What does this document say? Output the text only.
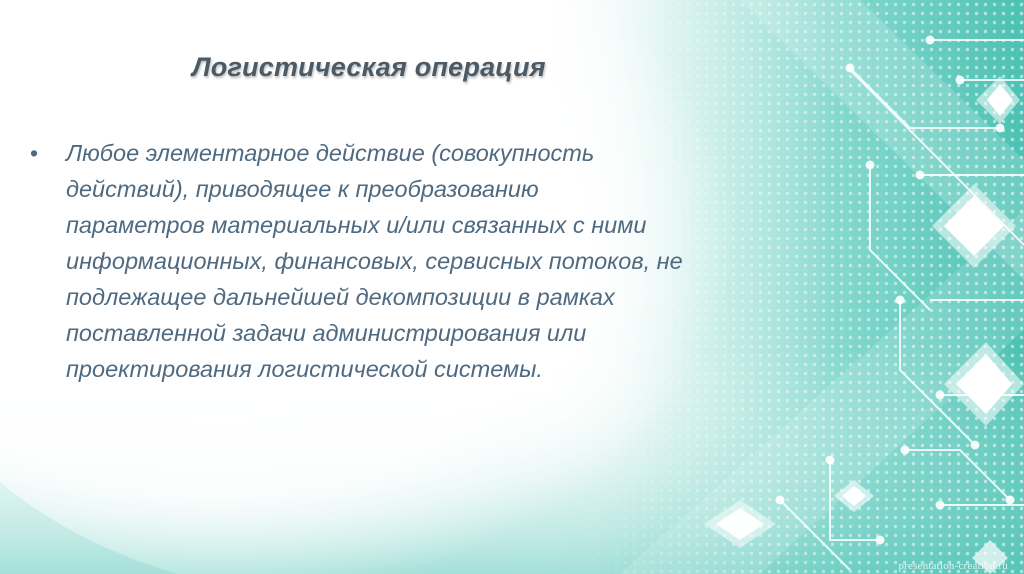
Логистическая операция
• Любое элементарное действие (совокупность
действий), приводящее к преобразованию
параметров материальных и/или связанных с ними
информационных, финансовых, сервисных потоков, не
подлежащее дальнейшей декомпозиции в рамках
поставленной задачи администрирования или
проектирования логистической системы.
presentation-creation.ru
